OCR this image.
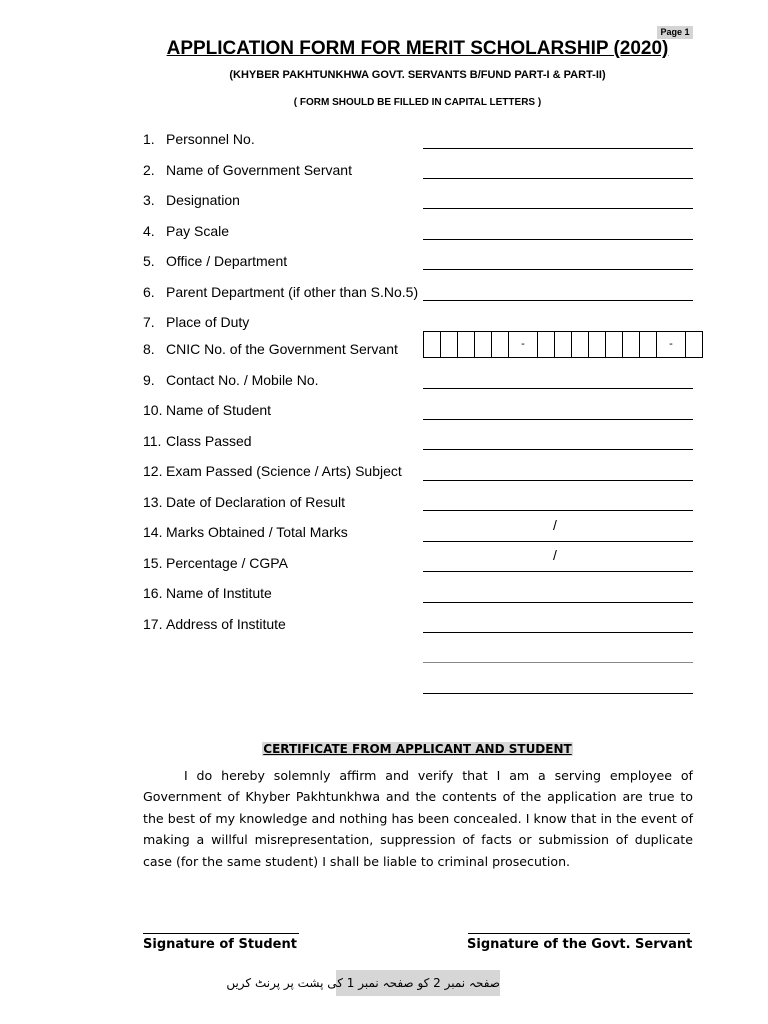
Page 1
APPLICATION FORM FOR MERIT SCHOLARSHIP (2020)
(KHYBER PAKHTUNKHWA GOVT. SERVANTS B/FUND PART-I & PART-II)
( FORM SHOULD BE FILLED IN CAPITAL LETTERS )
1. Personnel No.
2. Name of Government Servant
3. Designation
4. Pay Scale
5. Office / Department
6. Parent Department (if other than S.No.5)
7. Place of Duty
8. CNIC No. of the Government Servant	-	-
9. Contact No. / Mobile No.
10. Name of Student
11. Class Passed
12. Exam Passed (Science / Arts) Subject
13. Date of Declaration of Result
14. Marks Obtained / Total Marks	/
15. Percentage / CGPA	/
16. Name of Institute
17. Address of Institute
CERTIFICATE FROM APPLICANT AND STUDENT
I do hereby solemnly affirm and verify that I am a serving employee of Government of Khyber Pakhtunkhwa and the contents of the application are true to the best of my knowledge and nothing has been concealed. I know that in the event of making a willful misrepresentation, suppression of facts or submission of duplicate case (for the same student) I shall be liable to criminal prosecution.
Signature of Student	Signature of the Govt. Servant
صفحہ نمبر 2 کو صفحہ نمبر 1 کی پشت پر پرنٹ کریں
